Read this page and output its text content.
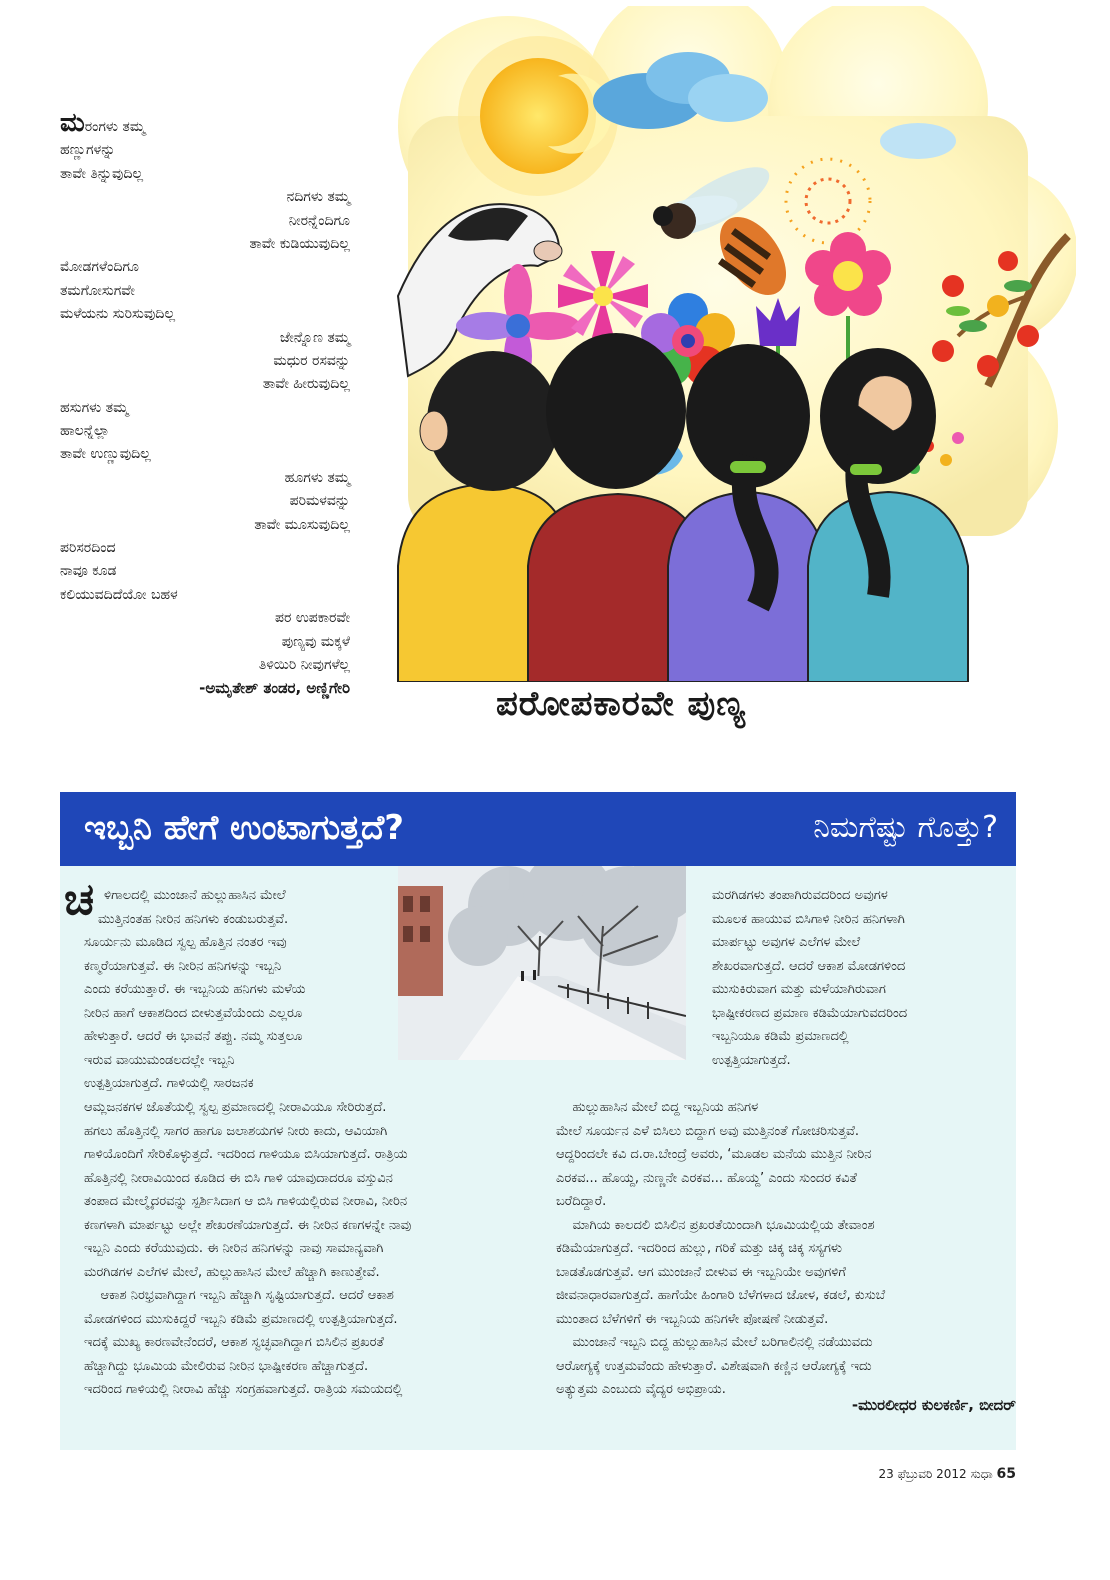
ಮರಂಗಳು ತಮ್ಮ
ಹಣ್ಣುಗಳನ್ನು
ತಾವೇ ತಿನ್ನುವುದಿಲ್ಲ
ನದಿಗಳು ತಮ್ಮ
ನೀರನ್ನೆಂದಿಗೂ
ತಾವೇ ಕುಡಿಯುವುದಿಲ್ಲ
ಮೋಡಗಳೆಂದಿಗೂ
ತಮಗೋಸುಗವೇ
ಮಳೆಯನು ಸುರಿಸುವುದಿಲ್ಲ
ಜೇನ್ನೊಣ ತಮ್ಮ
ಮಧುರ ರಸವನ್ನು
ತಾವೇ ಹೀರುವುದಿಲ್ಲ
ಹಸುಗಳು ತಮ್ಮ
ಹಾಲನ್ನೆಲ್ಲಾ
ತಾವೇ ಉಣ್ಣುವುದಿಲ್ಲ
ಹೂಗಳು ತಮ್ಮ
ಪರಿಮಳವನ್ನು
ತಾವೇ ಮೂಸುವುದಿಲ್ಲ
ಪರಿಸರದಿಂದ
ನಾವೂ ಕೂಡ
ಕಲಿಯುವದಿದೆಯೋ ಬಹಳ
ಪರ ಉಪಕಾರವೇ
ಪುಣ್ಯವು ಮಕ್ಕಳೆ
ತಿಳಿಯಿರಿ ನೀವುಗಳೆಲ್ಲ
-ಅಮೃತೇಶ್ ತಂಡರ, ಅಣ್ಣಿಗೇರಿ	ಪರೋಪಕಾರವೇ ಪುಣ್ಯ
ಇಬ್ಬನಿ ಹೇಗೆ ಉಂಟಾಗುತ್ತದೆ?	ನಿಮಗೆಷ್ಟು ಗೊತ್ತು?
ಚ ಳಿಗಾಲದಲ್ಲಿ ಮುಂಜಾನೆ ಹುಲ್ಲುಹಾಸಿನ ಮೇಲೆ
ಮುತ್ತಿನಂತಹ ನೀರಿನ ಹನಿಗಳು ಕಂಡುಬರುತ್ತವೆ.
ಸೂರ್ಯನು ಮೂಡಿದ ಸ್ವಲ್ಪ ಹೊತ್ತಿನ ನಂತರ ಇವು
ಕಣ್ಮರೆಯಾಗುತ್ತವೆ. ಈ ನೀರಿನ ಹನಿಗಳನ್ನು ಇಬ್ಬನಿ
ಎಂದು ಕರೆಯುತ್ತಾರೆ. ಈ ಇಬ್ಬನಿಯ ಹನಿಗಳು ಮಳೆಯ
ನೀರಿನ ಹಾಗೆ ಆಕಾಶದಿಂದ ಬೀಳುತ್ತವೆಯೆಂದು ಎಲ್ಲರೂ
ಹೇಳುತ್ತಾರೆ. ಆದರೆ ಈ ಭಾವನೆ ತಪ್ಪು. ನಮ್ಮ ಸುತ್ತಲೂ
ಇರುವ ವಾಯುಮಂಡಲದಲ್ಲೇ ಇಬ್ಬನಿ
ಉತ್ಪತ್ತಿಯಾಗುತ್ತದೆ. ಗಾಳಿಯಲ್ಲಿ ಸಾರಜನಕ
ಆಮ್ಲಜನಕಗಳ ಜೊತೆಯಲ್ಲಿ ಸ್ವಲ್ಪ ಪ್ರಮಾಣದಲ್ಲಿ ನೀರಾವಿಯೂ ಸೇರಿರುತ್ತದೆ.
ಹಗಲು ಹೊತ್ತಿನಲ್ಲಿ ಸಾಗರ ಹಾಗೂ ಜಲಾಶಯಗಳ ನೀರು ಕಾದು, ಆವಿಯಾಗಿ
ಗಾಳಿಯೊಂದಿಗೆ ಸೇರಿಕೊಳ್ಳುತ್ತದೆ. ಇದರಿಂದ ಗಾಳಿಯೂ ಬಿಸಿಯಾಗುತ್ತದೆ. ರಾತ್ರಿಯ
ಹೊತ್ತಿನಲ್ಲಿ ನೀರಾವಿಯಿಂದ ಕೂಡಿದ ಈ ಬಿಸಿ ಗಾಳಿ ಯಾವುದಾದರೂ ವಸ್ತುವಿನ
ತಂಪಾದ ಮೇಲ್ಮೈದರವನ್ನು ಸ್ಪರ್ಶಿಸಿದಾಗ ಆ ಬಿಸಿ ಗಾಳಿಯಲ್ಲಿರುವ ನೀರಾವಿ, ನೀರಿನ
ಕಣಗಳಾಗಿ ಮಾರ್ಪಟ್ಟು ಅಲ್ಲೇ ಶೇಖರಣೆಯಾಗುತ್ತದೆ. ಈ ನೀರಿನ ಕಣಗಳನ್ನೇ ನಾವು
ಇಬ್ಬನಿ ಎಂದು ಕರೆಯುವುದು. ಈ ನೀರಿನ ಹನಿಗಳನ್ನು ನಾವು ಸಾಮಾನ್ಯವಾಗಿ
ಮರಗಿಡಗಳ ಎಲೆಗಳ ಮೇಲೆ, ಹುಲ್ಲುಹಾಸಿನ ಮೇಲೆ ಹೆಚ್ಚಾಗಿ ಕಾಣುತ್ತೇವೆ.
ಆಕಾಶ ನಿರಭ್ರವಾಗಿದ್ದಾಗ ಇಬ್ಬನಿ ಹೆಚ್ಚಾಗಿ ಸೃಷ್ಟಿಯಾಗುತ್ತದೆ. ಆದರೆ ಆಕಾಶ
ಮೋಡಗಳಿಂದ ಮುಸುಕಿದ್ದರೆ ಇಬ್ಬನಿ ಕಡಿಮೆ ಪ್ರಮಾಣದಲ್ಲಿ ಉತ್ಪತ್ತಿಯಾಗುತ್ತದೆ.
ಇದಕ್ಕೆ ಮುಖ್ಯ ಕಾರಣವೇನೆಂದರೆ, ಆಕಾಶ ಸ್ವಚ್ಛವಾಗಿದ್ದಾಗ ಬಿಸಿಲಿನ ಪ್ರಖರತೆ
ಹೆಚ್ಚಾಗಿದ್ದು ಭೂಮಿಯ ಮೇಲಿರುವ ನೀರಿನ ಭಾಷ್ಪೀಕರಣ ಹೆಚ್ಚಾಗುತ್ತದೆ.
ಇದರಿಂದ ಗಾಳಿಯಲ್ಲಿ ನೀರಾವಿ ಹೆಚ್ಚು ಸಂಗ್ರಹವಾಗುತ್ತದೆ. ರಾತ್ರಿಯ ಸಮಯದಲ್ಲಿ
ಮರಗಿಡಗಳು ತಂಪಾಗಿರುವದರಿಂದ ಅವುಗಳ
ಮೂಲಕ ಹಾಯುವ ಬಿಸಿಗಾಳಿ ನೀರಿನ ಹನಿಗಳಾಗಿ
ಮಾರ್ಪಟ್ಟು ಅವುಗಳ ಎಲೆಗಳ ಮೇಲೆ
ಶೇಖರವಾಗುತ್ತದೆ. ಆದರೆ ಆಕಾಶ ಮೋಡಗಳಿಂದ
ಮುಸುಕಿರುವಾಗ ಮತ್ತು ಮಳೆಯಾಗಿರುವಾಗ
ಭಾಷ್ಪೀಕರಣದ ಪ್ರಮಾಣ ಕಡಿಮೆಯಾಗುವದರಿಂದ
ಇಬ್ಬನಿಯೂ ಕಡಿಮೆ ಪ್ರಮಾಣದಲ್ಲಿ
ಉತ್ಪತ್ತಿಯಾಗುತ್ತದೆ.
ಹುಲ್ಲುಹಾಸಿನ ಮೇಲೆ ಬಿದ್ದ ಇಬ್ಬನಿಯ ಹನಿಗಳ
ಮೇಲೆ ಸೂರ್ಯನ ಎಳೆ ಬಿಸಿಲು ಬಿದ್ದಾಗ ಅವು ಮುತ್ತಿನಂತೆ ಗೋಚರಿಸುತ್ತವೆ.
ಆದ್ದರಿಂದಲೇ ಕವಿ ದ.ರಾ.ಬೇಂದ್ರೆ ಅವರು, ‘ಮೂಡಲ ಮನೆಯ ಮುತ್ತಿನ ನೀರಿನ
ಎರಕವ... ಹೊಯ್ದ, ನುಣ್ಣನೇ ಎರಕವ... ಹೊಯ್ದ’ ಎಂದು ಸುಂದರ ಕವಿತೆ
ಬರೆದಿದ್ದಾರೆ.
ಮಾಗಿಯ ಕಾಲದಲಿ ಬಿಸಿಲಿನ ಪ್ರಖರತೆಯಿಂದಾಗಿ ಭೂಮಿಯಲ್ಲಿಯ ತೇವಾಂಶ
ಕಡಿಮೆಯಾಗುತ್ತದೆ. ಇದರಿಂದ ಹುಲ್ಲು, ಗರಿಕೆ ಮತ್ತು ಚಿಕ್ಕ ಚಿಕ್ಕ ಸಸ್ಯಗಳು
ಬಾಡತೊಡಗುತ್ತವೆ. ಆಗ ಮುಂಜಾನೆ ಬೀಳುವ ಈ ಇಬ್ಬನಿಯೇ ಅವುಗಳಿಗೆ
ಜೀವನಾಧಾರವಾಗುತ್ತದೆ. ಹಾಗೆಯೇ ಹಿಂಗಾರಿ ಬೆಳೆಗಳಾದ ಜೋಳ, ಕಡಲೆ, ಕುಸುಬೆ
ಮುಂತಾದ ಬೆಳೆಗಳಿಗೆ ಈ ಇಬ್ಬನಿಯ ಹನಿಗಳೇ ಪೋಷಣೆ ನೀಡುತ್ತವೆ.
ಮುಂಜಾನೆ ಇಬ್ಬನಿ ಬಿದ್ದ ಹುಲ್ಲುಹಾಸಿನ ಮೇಲೆ ಬರಿಗಾಲಿನಲ್ಲಿ ನಡೆಯುವದು
ಆರೋಗ್ಯಕ್ಕೆ ಉತ್ತಮವೆಂದು ಹೇಳುತ್ತಾರೆ. ವಿಶೇಷವಾಗಿ ಕಣ್ಣಿನ ಆರೋಗ್ಯಕ್ಕೆ ಇದು
ಅತ್ಯುತ್ತಮ ಎಂಬುದು ವೈದ್ಯರ ಅಭಿಪ್ರಾಯ.
-ಮುರಲೀಧರ ಕುಲಕರ್ಣಿ, ಬೀದರ್
23 ಫೆಬ್ರುವರಿ 2012 ಸುಧಾ 65
